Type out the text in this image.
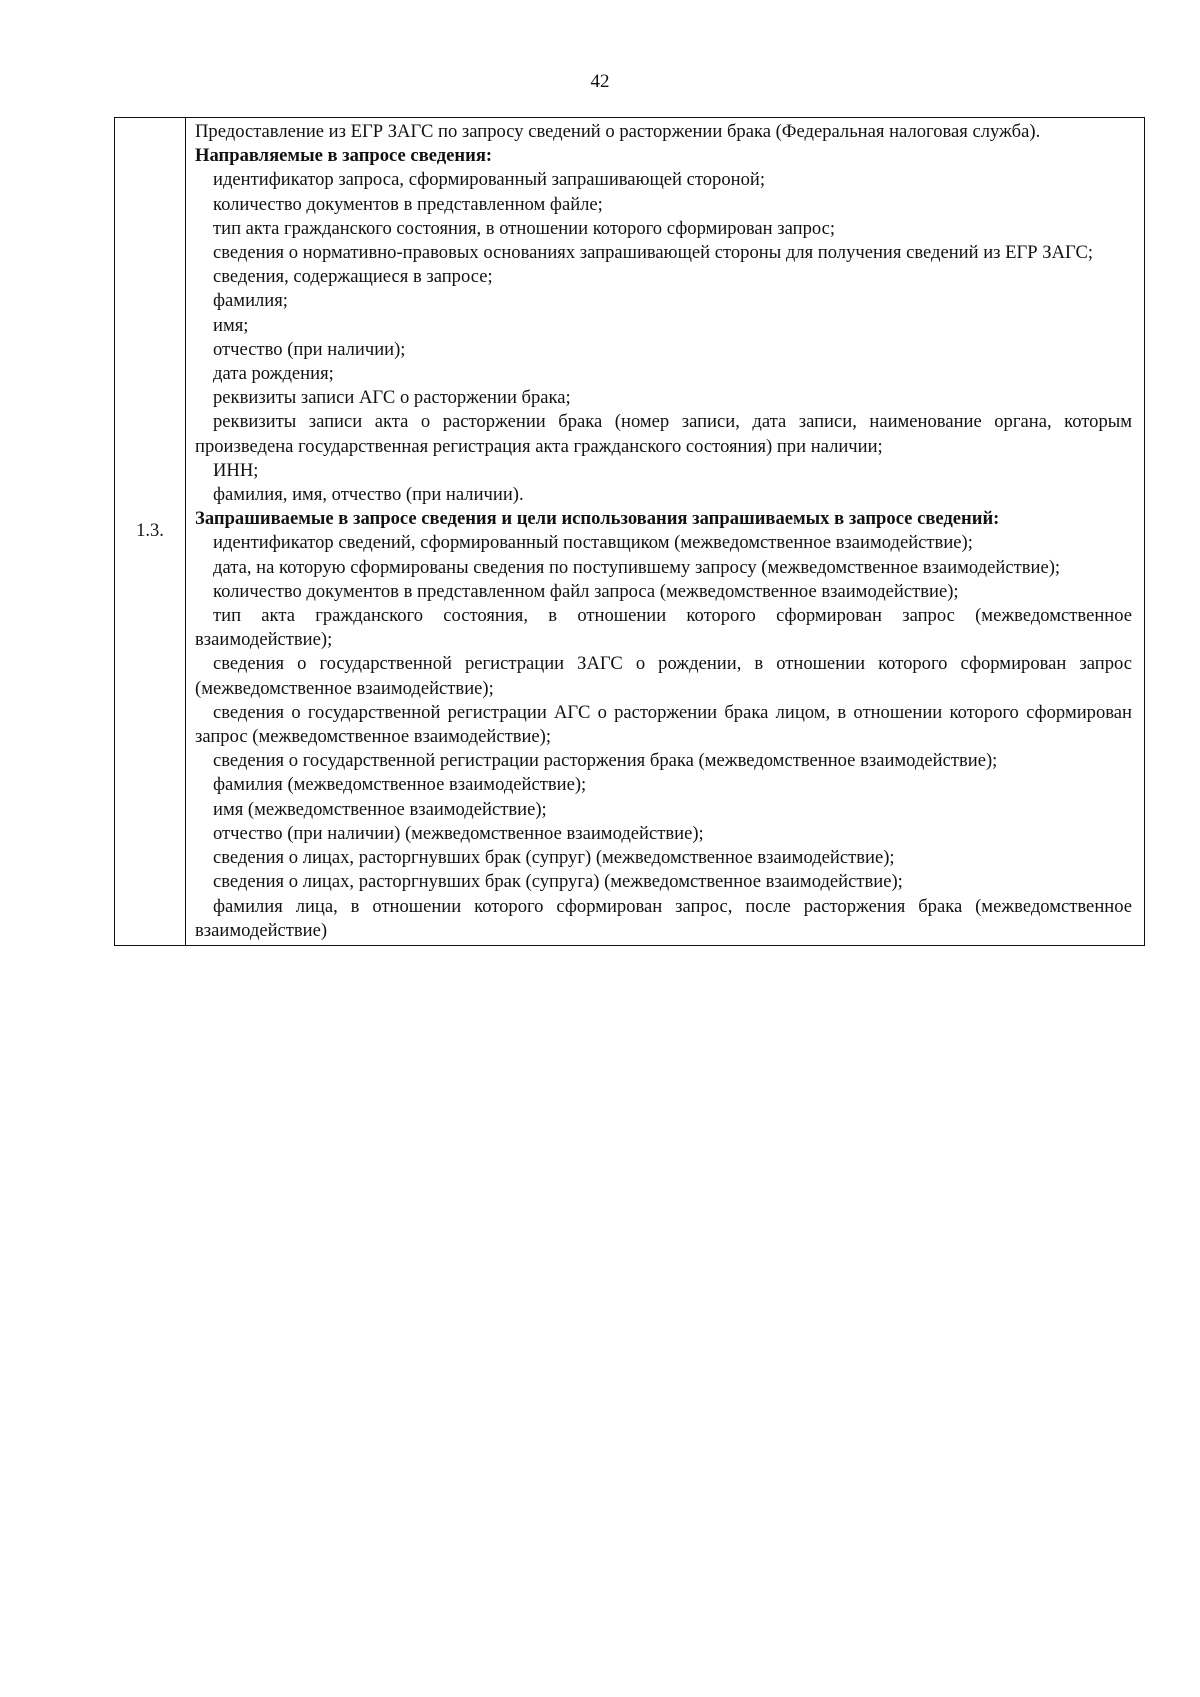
42
1.3.	

Предоставление из ЕГР ЗАГС по запросу сведений о расторжении брака (Федеральная налоговая служба).

Направляемые в запросе сведения:

идентификатор запроса, сформированный запрашивающей стороной;

количество документов в представленном файле;

тип акта гражданского состояния, в отношении которого сформирован запрос;

сведения о нормативно-правовых основаниях запрашивающей стороны для получения сведений из ЕГР ЗАГС;

сведения, содержащиеся в запросе;

фамилия;

имя;

отчество (при наличии);

дата рождения;

реквизиты записи АГС о расторжении брака;

реквизиты записи акта о расторжении брака (номер записи, дата записи, наименование органа, которым произведена государственная регистрация акта гражданского состояния) при наличии;

ИНН;

фамилия, имя, отчество (при наличии).

Запрашиваемые в запросе сведения и цели использования запрашиваемых в запросе сведений:

идентификатор сведений, сформированный поставщиком (межведомственное взаимодействие);

дата, на которую сформированы сведения по поступившему запросу (межведомственное взаимодействие);

количество документов в представленном файл запроса (межведомственное взаимодействие);

тип акта гражданского состояния, в отношении которого сформирован запрос (межведомственное взаимодействие);

сведения о государственной регистрации ЗАГС о рождении, в отношении которого сформирован запрос (межведомственное взаимодействие);

сведения о государственной регистрации АГС о расторжении брака лицом, в отношении которого сформирован запрос (межведомственное взаимодействие);

сведения о государственной регистрации расторжения брака (межведомственное взаимодействие);

фамилия (межведомственное взаимодействие);

имя (межведомственное взаимодействие);

отчество (при наличии) (межведомственное взаимодействие);

сведения о лицах, расторгнувших брак (супруг) (межведомственное взаимодействие);

сведения о лицах, расторгнувших брак (супруга) (межведомственное взаимодействие);

фамилия лица, в отношении которого сформирован запрос, после расторжения брака (межведомственное взаимодействие)
